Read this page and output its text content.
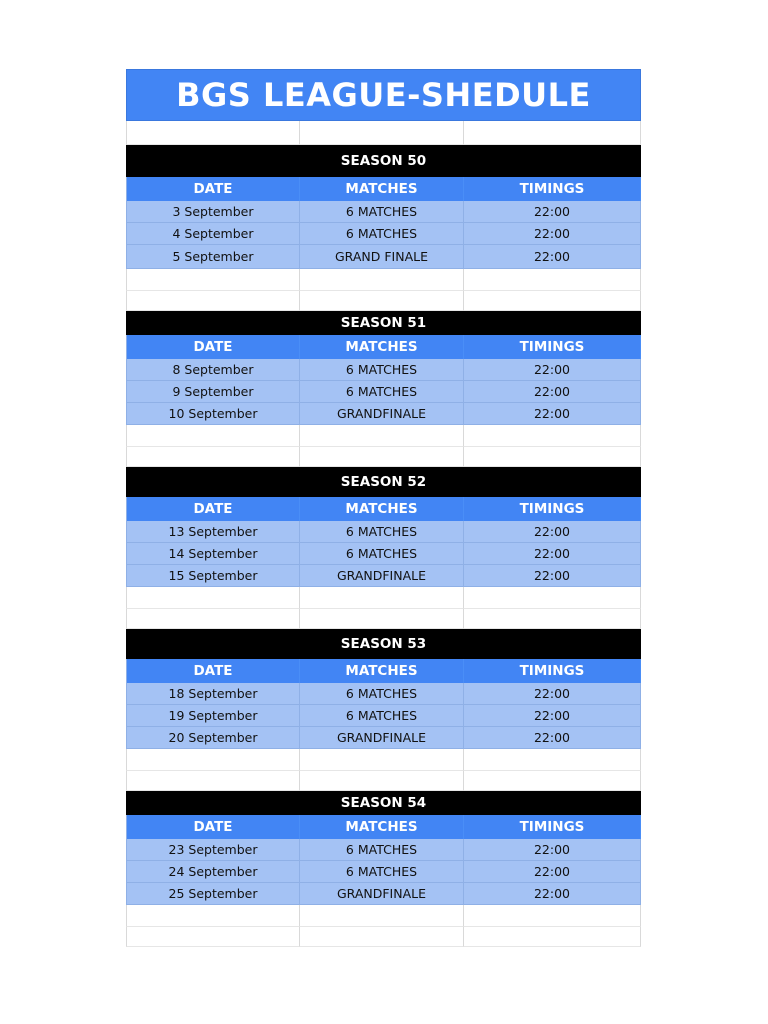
BGS LEAGUE-SHEDULE
SEASON 50
DATE	MATCHES	TIMINGS
3 September	6 MATCHES	22:00
4 September	6 MATCHES	22:00
5 September	GRAND FINALE	22:00
SEASON 51
DATE	MATCHES	TIMINGS
8 September	6 MATCHES	22:00
9 September	6 MATCHES	22:00
10 September	GRANDFINALE	22:00
SEASON 52
DATE	MATCHES	TIMINGS
13 September	6 MATCHES	22:00
14 September	6 MATCHES	22:00
15 September	GRANDFINALE	22:00
SEASON 53
DATE	MATCHES	TIMINGS
18 September	6 MATCHES	22:00
19 September	6 MATCHES	22:00
20 September	GRANDFINALE	22:00
SEASON 54
DATE	MATCHES	TIMINGS
23 September	6 MATCHES	22:00
24 September	6 MATCHES	22:00
25 September	GRANDFINALE	22:00
